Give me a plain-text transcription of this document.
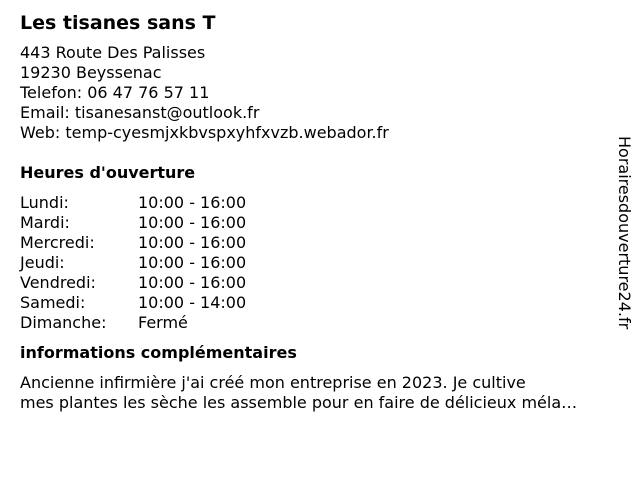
Les tisanes sans T
443 Route Des Palisses
19230 Beyssenac
Telefon: 06 47 76 57 11
Email: tisanesanst@outlook.fr
Web: temp-cyesmjxkbvspxyhfxvzb.webador.fr
Heures d'ouverture
Lundi:	10:00 - 16:00
Mardi:	10:00 - 16:00
Mercredi:	10:00 - 16:00
Jeudi:	10:00 - 16:00
Vendredi:	10:00 - 16:00
Samedi:	10:00 - 14:00
Dimanche:	Fermé
informations complémentaires
Ancienne infirmière j'ai créé mon entreprise en 2023. Je cultive
mes plantes les sèche les assemble pour en faire de délicieux méla…
Horairesdouverture24.fr
